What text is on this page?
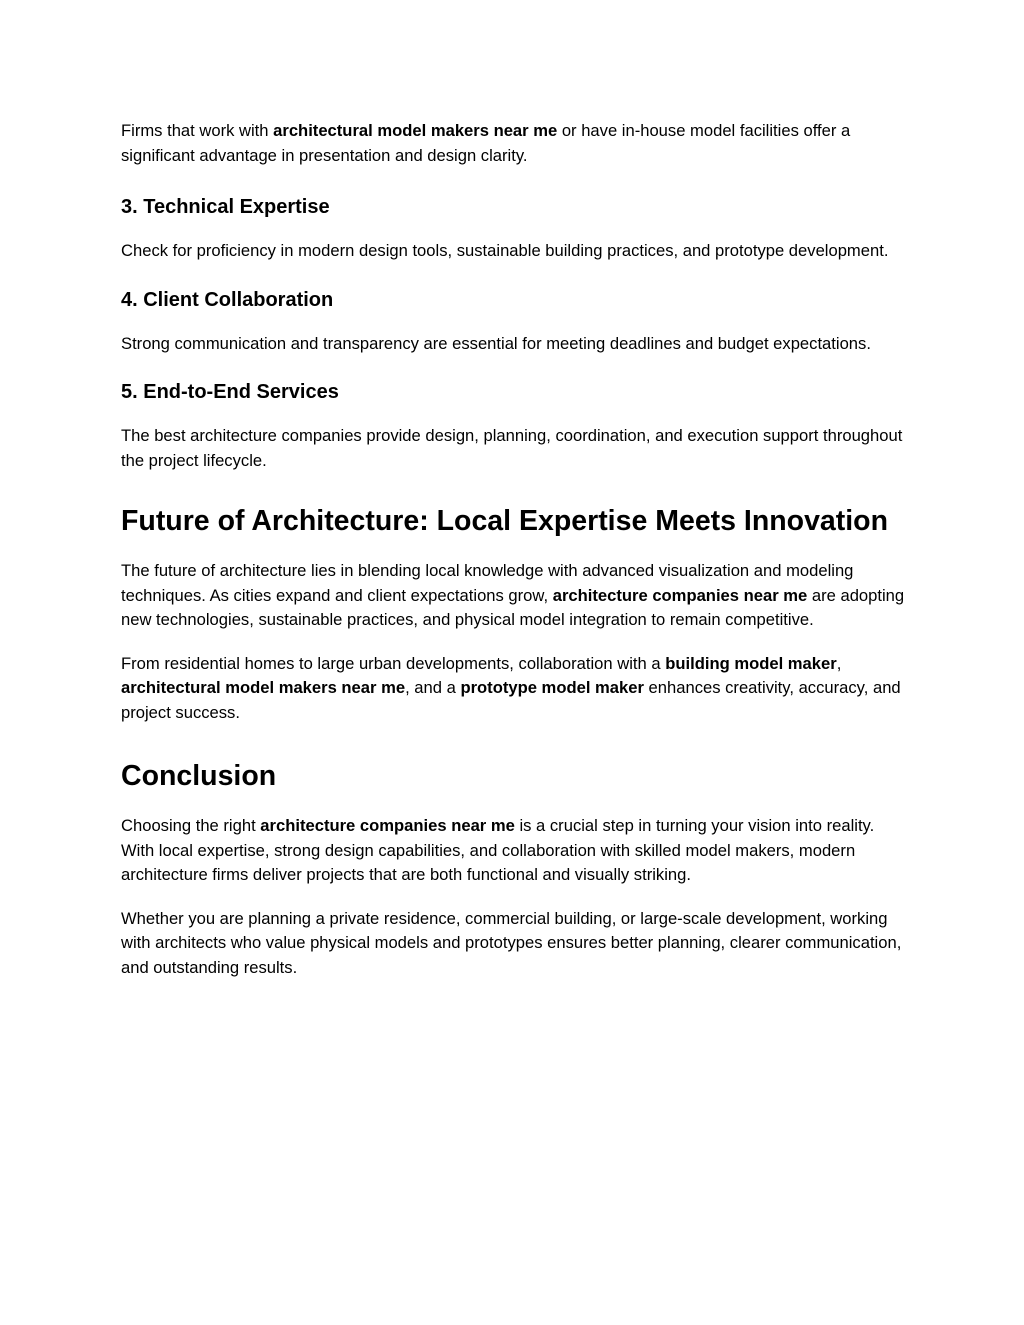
Firms that work with architectural model makers near me or have in-house model facilities offer a significant advantage in presentation and design clarity.

3. Technical Expertise

Check for proficiency in modern design tools, sustainable building practices, and prototype development.

4. Client Collaboration

Strong communication and transparency are essential for meeting deadlines and budget expectations.

5. End-to-End Services

The best architecture companies provide design, planning, coordination, and execution support throughout the project lifecycle.

Future of Architecture: Local Expertise Meets Innovation

The future of architecture lies in blending local knowledge with advanced visualization and modeling techniques. As cities expand and client expectations grow, architecture companies near me are adopting new technologies, sustainable practices, and physical model integration to remain competitive.

From residential homes to large urban developments, collaboration with a building model maker, architectural model makers near me, and a prototype model maker enhances creativity, accuracy, and project success.

Conclusion

Choosing the right architecture companies near me is a crucial step in turning your vision into reality. With local expertise, strong design capabilities, and collaboration with skilled model makers, modern architecture firms deliver projects that are both functional and visually striking.

Whether you are planning a private residence, commercial building, or large-scale development, working with architects who value physical models and prototypes ensures better planning, clearer communication, and outstanding results.
